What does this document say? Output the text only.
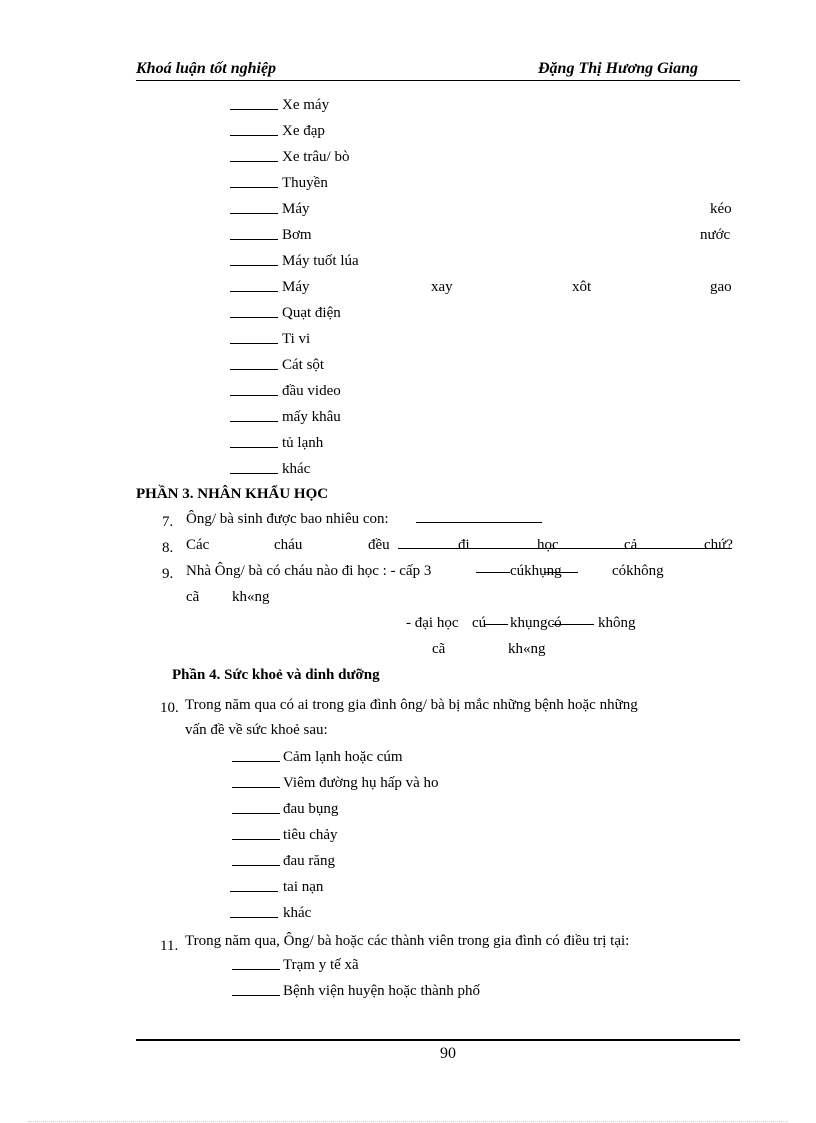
Khoá luận tốt nghiệp	Đặng Thị Hương Giang
Xe máy
Xe đạp
Xe trâu/ bò
Thuyền
Máy	kéo
Bơm	nước
Máy tuốt lúa
Máy	xay	xôt	gao
Quạt điện
Ti vi
Cát sột
đầu video
mấy khâu
tủ lạnh
khác
PHẦN 3. NHÂN KHẨU HỌC
7. Ông/ bà sinh được bao nhiêu con:
8. Các	cháu	đều	đi	học	cả	chứ?
9. Nhà Ông/ bà có cháu nào đi học : - cấp 3	cúkhụng	cókhông
cã kh«ng
- đại học cú khụngcó không
cã	kh«ng
Phần 4. Sức khoẻ và dinh dưỡng
10. Trong năm qua có ai trong gia đình ông/ bà bị mắc những bệnh hoặc những
vấn đề về sức khoẻ sau:
Cảm lạnh hoặc cúm
Viêm đường hụ hấp và ho
đau bụng
tiêu chảy
đau răng
tai nạn
khác
11. Trong năm qua, Ông/ bà hoặc các thành viên trong gia đình có điều trị tại:
Trạm y tế xã
Bệnh viện huyện hoặc thành phố
90
